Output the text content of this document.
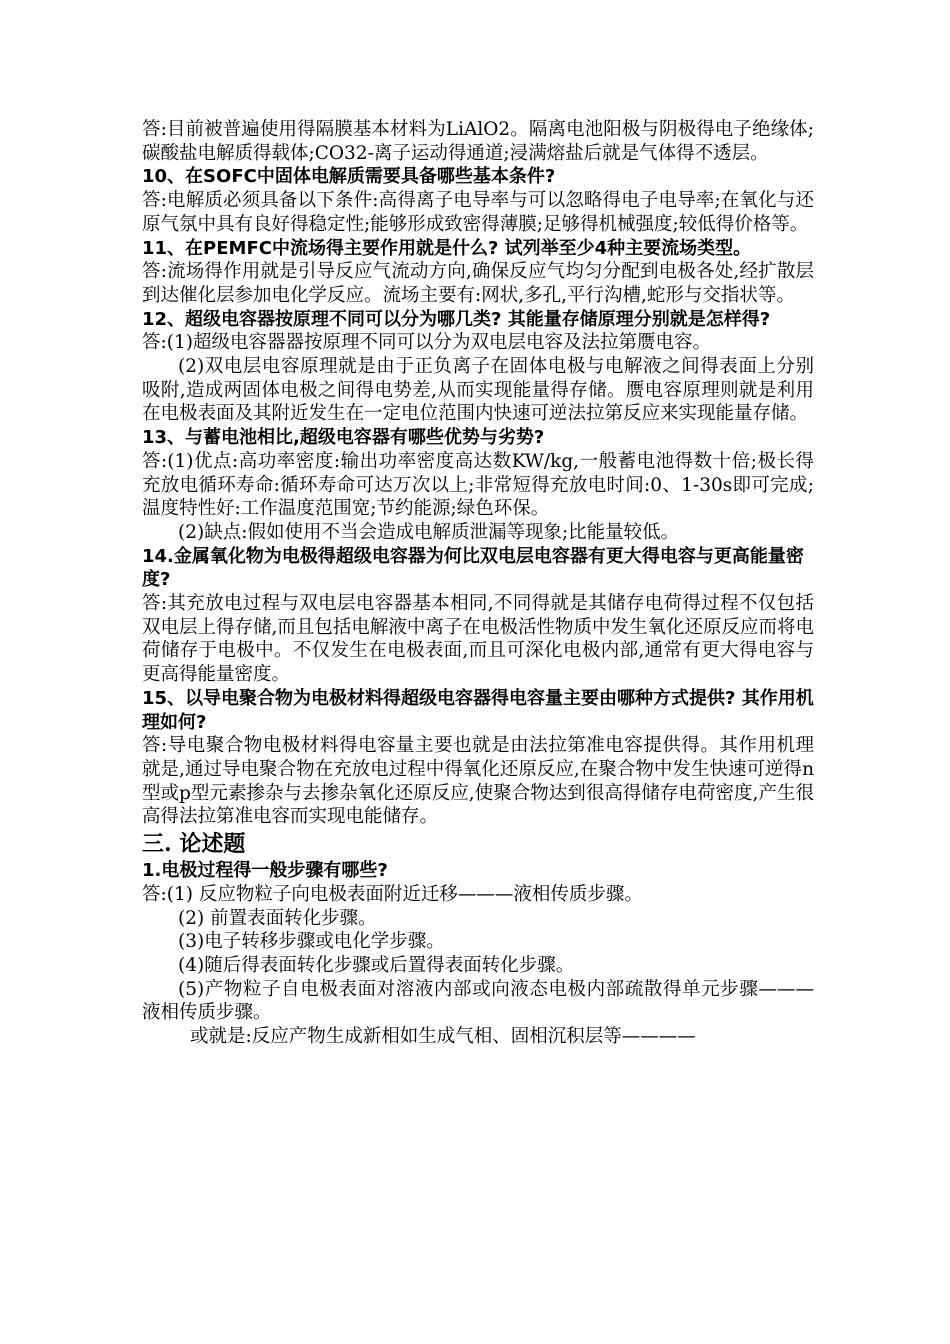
答:目前被普遍使用得隔膜基本材料为LiAlO2。隔离电池阳极与阴极得电子绝缘体;碳酸盐电解质得载体;CO32-离子运动得通道;浸满熔盐后就是气体得不透层。

10、在SOFC中固体电解质需要具备哪些基本条件?

答:电解质必须具备以下条件:高得离子电导率与可以忽略得电子电导率;在氧化与还原气氛中具有良好得稳定性;能够形成致密得薄膜;足够得机械强度;较低得价格等。

11、在PEMFC中流场得主要作用就是什么? 试列举至少4种主要流场类型。

答:流场得作用就是引导反应气流动方向,确保反应气均匀分配到电极各处,经扩散层到达催化层参加电化学反应。流场主要有:网状,多孔,平行沟槽,蛇形与交指状等。

12、超级电容器按原理不同可以分为哪几类? 其能量存储原理分别就是怎样得?

答:(1)超级电容器器按原理不同可以分为双电层电容及法拉第赝电容。

(2)双电层电容原理就是由于正负离子在固体电极与电解液之间得表面上分别吸附,造成两固体电极之间得电势差,从而实现能量得存储。赝电容原理则就是利用在电极表面及其附近发生在一定电位范围内快速可逆法拉第反应来实现能量存储。

13、与蓄电池相比,超级电容器有哪些优势与劣势?

答:(1)优点:高功率密度:输出功率密度高达数KW/kg,一般蓄电池得数十倍;极长得充放电循环寿命:循环寿命可达万次以上;非常短得充放电时间:0、1-30s即可完成;温度特性好:工作温度范围宽;节约能源;绿色环保。

(2)缺点:假如使用不当会造成电解质泄漏等现象;比能量较低。

14.金属氧化物为电极得超级电容器为何比双电层电容器有更大得电容与更高能量密度?

答:其充放电过程与双电层电容器基本相同,不同得就是其储存电荷得过程不仅包括双电层上得存储,而且包括电解液中离子在电极活性物质中发生氧化还原反应而将电荷储存于电极中。不仅发生在电极表面,而且可深化电极内部,通常有更大得电容与更高得能量密度。

15、以导电聚合物为电极材料得超级电容器得电容量主要由哪种方式提供? 其作用机理如何?

答:导电聚合物电极材料得电容量主要也就是由法拉第准电容提供得。其作用机理就是,通过导电聚合物在充放电过程中得氧化还原反应,在聚合物中发生快速可逆得n型或p型元素掺杂与去掺杂氧化还原反应,使聚合物达到很高得储存电荷密度,产生很高得法拉第准电容而实现电能储存。

三. 论述题

1.电极过程得一般步骤有哪些?

答:(1) 反应物粒子向电极表面附近迁移———液相传质步骤。

(2) 前置表面转化步骤。

(3)电子转移步骤或电化学步骤。

(4)随后得表面转化步骤或后置得表面转化步骤。

(5)产物粒子自电极表面对溶液内部或向液态电极内部疏散得单元步骤———液相传质步骤。

或就是:反应产物生成新相如生成气相、固相沉积层等————
